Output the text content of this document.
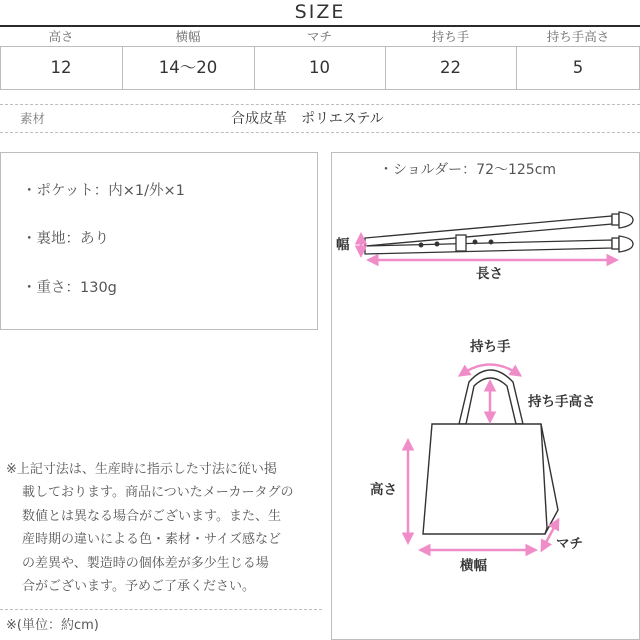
SIZE
高さ	横幅	マチ	持ち手	持ち手高さ
12	14〜20	10	22	5
素材	合成皮革　ポリエステル
・ポケット：内×1/外×1
・裏地：あり
・重さ：130g
※上記寸法は、生産時に指示した寸法に従い掲
載しております。商品についたメーカータグの
数値とは異なる場合がございます。また、生
産時期の違いによる色・素材・サイズ感など
の差異や、製造時の個体差が多少生じる場
合がございます。予めご了承ください。
※(単位：約cm)
・ショルダー：72〜125cm
幅
長さ
持ち手
持ち手高さ
高さ
横幅
マチ
